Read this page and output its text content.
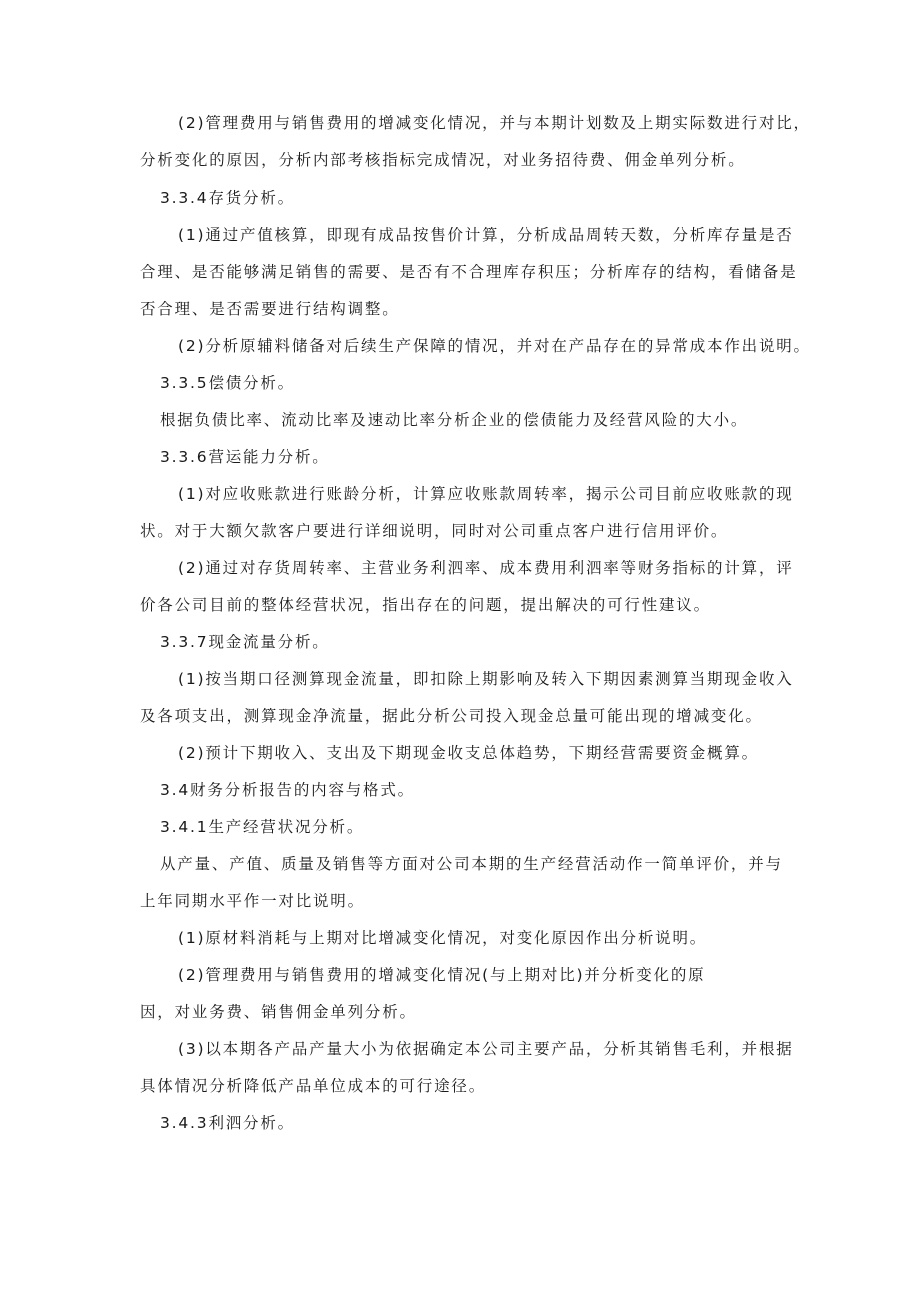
(2)管理费用与销售费用的增减变化情况，并与本期计划数及上期实际数进行对比，

分析变化的原因，分析内部考核指标完成情况，对业务招待费、佣金单列分析。

3.3.4存货分析。

(1)通过产值核算，即现有成品按售价计算，分析成品周转天数，分析库存量是否

合理、是否能够满足销售的需要、是否有不合理库存积压；分析库存的结构，看储备是

否合理、是否需要进行结构调整。

(2)分析原辅料储备对后续生产保障的情况，并对在产品存在的异常成本作出说明。

3.3.5偿债分析。

根据负债比率、流动比率及速动比率分析企业的偿债能力及经营风险的大小。

3.3.6营运能力分析。

(1)对应收账款进行账龄分析，计算应收账款周转率，揭示公司目前应收账款的现

状。对于大额欠款客户要进行详细说明，同时对公司重点客户进行信用评价。

(2)通过对存货周转率、主营业务利泗率、成本费用利泗率等财务指标的计算，评

价各公司目前的整体经营状况，指出存在的问题，提出解决的可行性建议。

3.3.7现金流量分析。

(1)按当期口径测算现金流量，即扣除上期影响及转入下期因素测算当期现金收入

及各项支出，测算现金净流量，据此分析公司投入现金总量可能出现的增减变化。

(2)预计下期收入、支出及下期现金收支总体趋势，下期经营需要资金概算。

3.4财务分析报告的内容与格式。

3.4.1生产经营状况分析。

从产量、产值、质量及销售等方面对公司本期的生产经营活动作一简单评价，并与

上年同期水平作一对比说明。

(1)原材料消耗与上期对比增减变化情况，对变化原因作出分析说明。

(2)管理费用与销售费用的增减变化情况(与上期对比)并分析变化的原

因，对业务费、销售佣金单列分析。

(3)以本期各产品产量大小为依据确定本公司主要产品，分析其销售毛利，并根据

具体情况分析降低产品单位成本的可行途径。

3.4.3利泗分析。
